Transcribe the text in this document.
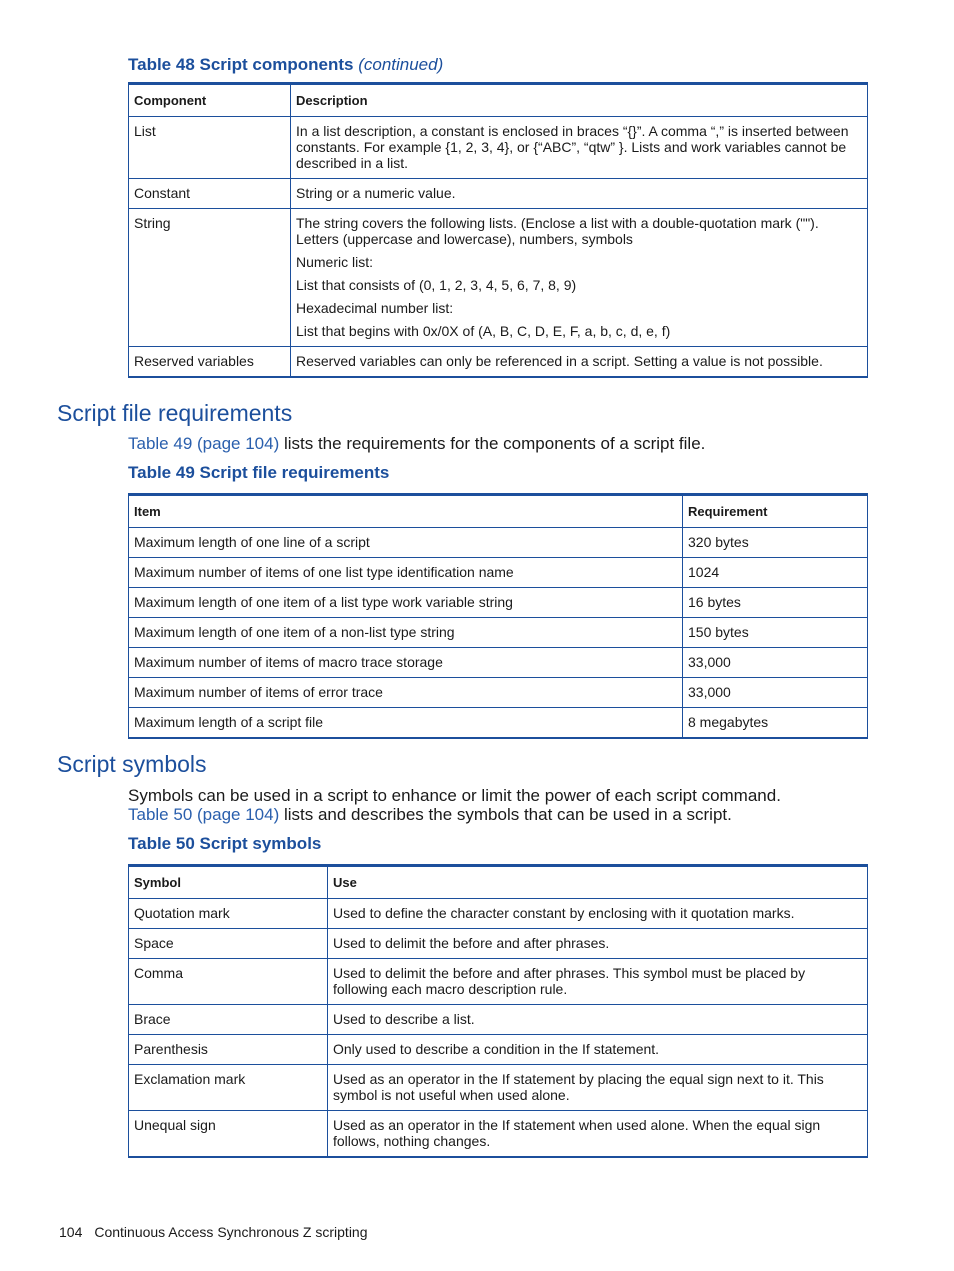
Table 48 Script components (continued)
Component	Description
List	In a list description, a constant is enclosed in braces “{}”. A comma “,” is inserted between constants. For example {1, 2, 3, 4}, or {“ABC”, “qtw” }. Lists and work variables cannot be described in a list.

Constant	String or a numeric value.

String	The string covers the following lists. (Enclose a list with a double-quotation mark (""). Letters (uppercase and lowercase), numbers, symbols

Numeric list:

List that consists of (0, 1, 2, 3, 4, 5, 6, 7, 8, 9)

Hexadecimal number list:

List that begins with 0x/0X of (A, B, C, D, E, F, a, b, c, d, e, f)

Reserved variables	Reserved variables can only be referenced in a script. Setting a value is not possible.

Script file requirements
Table 49 (page 104) lists the requirements for the components of a script file.
Table 49 Script file requirements
Item	Requirement
Maximum length of one line of a script	320 bytes
Maximum number of items of one list type identification name	1024
Maximum length of one item of a list type work variable string	16 bytes
Maximum length of one item of a non-list type string	150 bytes
Maximum number of items of macro trace storage	33,000
Maximum number of items of error trace	33,000
Maximum length of a script file	8 megabytes
Script symbols
Symbols can be used in a script to enhance or limit the power of each script command.
Table 50 (page 104) lists and describes the symbols that can be used in a script.
Table 50 Script symbols
Symbol	Use
Quotation mark	Used to define the character constant by enclosing with it quotation marks.
Space	Used to delimit the before and after phrases.
Comma	Used to delimit the before and after phrases. This symbol must be placed by following each macro description rule.
Brace	Used to describe a list.
Parenthesis	Only used to describe a condition in the If statement.
Exclamation mark	Used as an operator in the If statement by placing the equal sign next to it. This symbol is not useful when used alone.
Unequal sign	Used as an operator in the If statement when used alone. When the equal sign follows, nothing changes.
104 Continuous Access Synchronous Z scripting
